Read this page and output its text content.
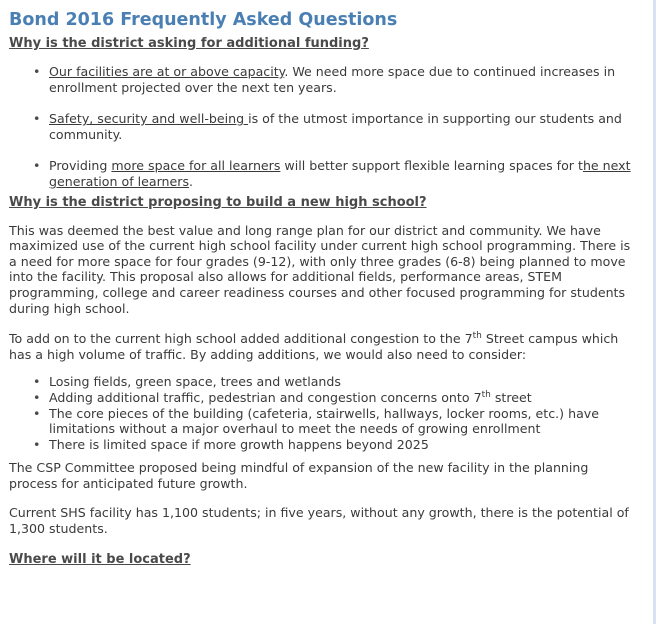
Bond 2016 Frequently Asked Questions
Why is the district asking for additional funding?
• Our facilities are at or above capacity. We need more space due to continued increases in enrollment projected over the next ten years.
• Safety, security and well-being is of the utmost importance in supporting our students and community.
• Providing more space for all learners will better support flexible learning spaces for the next generation of learners.
Why is the district proposing to build a new high school?

This was deemed the best value and long range plan for our district and community. We have maximized use of the current high school facility under current high school programming. There is a need for more space for four grades (9-12), with only three grades (6-8) being planned to move into the facility. This proposal also allows for additional fields, performance areas, STEM programming, college and career readiness courses and other focused programming for students during high school.

To add on to the current high school added additional congestion to the 7th Street campus which has a high volume of traffic. By adding additions, we would also need to consider:

• Losing fields, green space, trees and wetlands
• Adding additional traffic, pedestrian and congestion concerns onto 7th street
• The core pieces of the building (cafeteria, stairwells, hallways, locker rooms, etc.) have limitations without a major overhaul to meet the needs of growing enrollment
• There is limited space if more growth happens beyond 2025

The CSP Committee proposed being mindful of expansion of the new facility in the planning process for anticipated future growth.

Current SHS facility has 1,100 students; in five years, without any growth, there is the potential of 1,300 students.

Where will it be located?
